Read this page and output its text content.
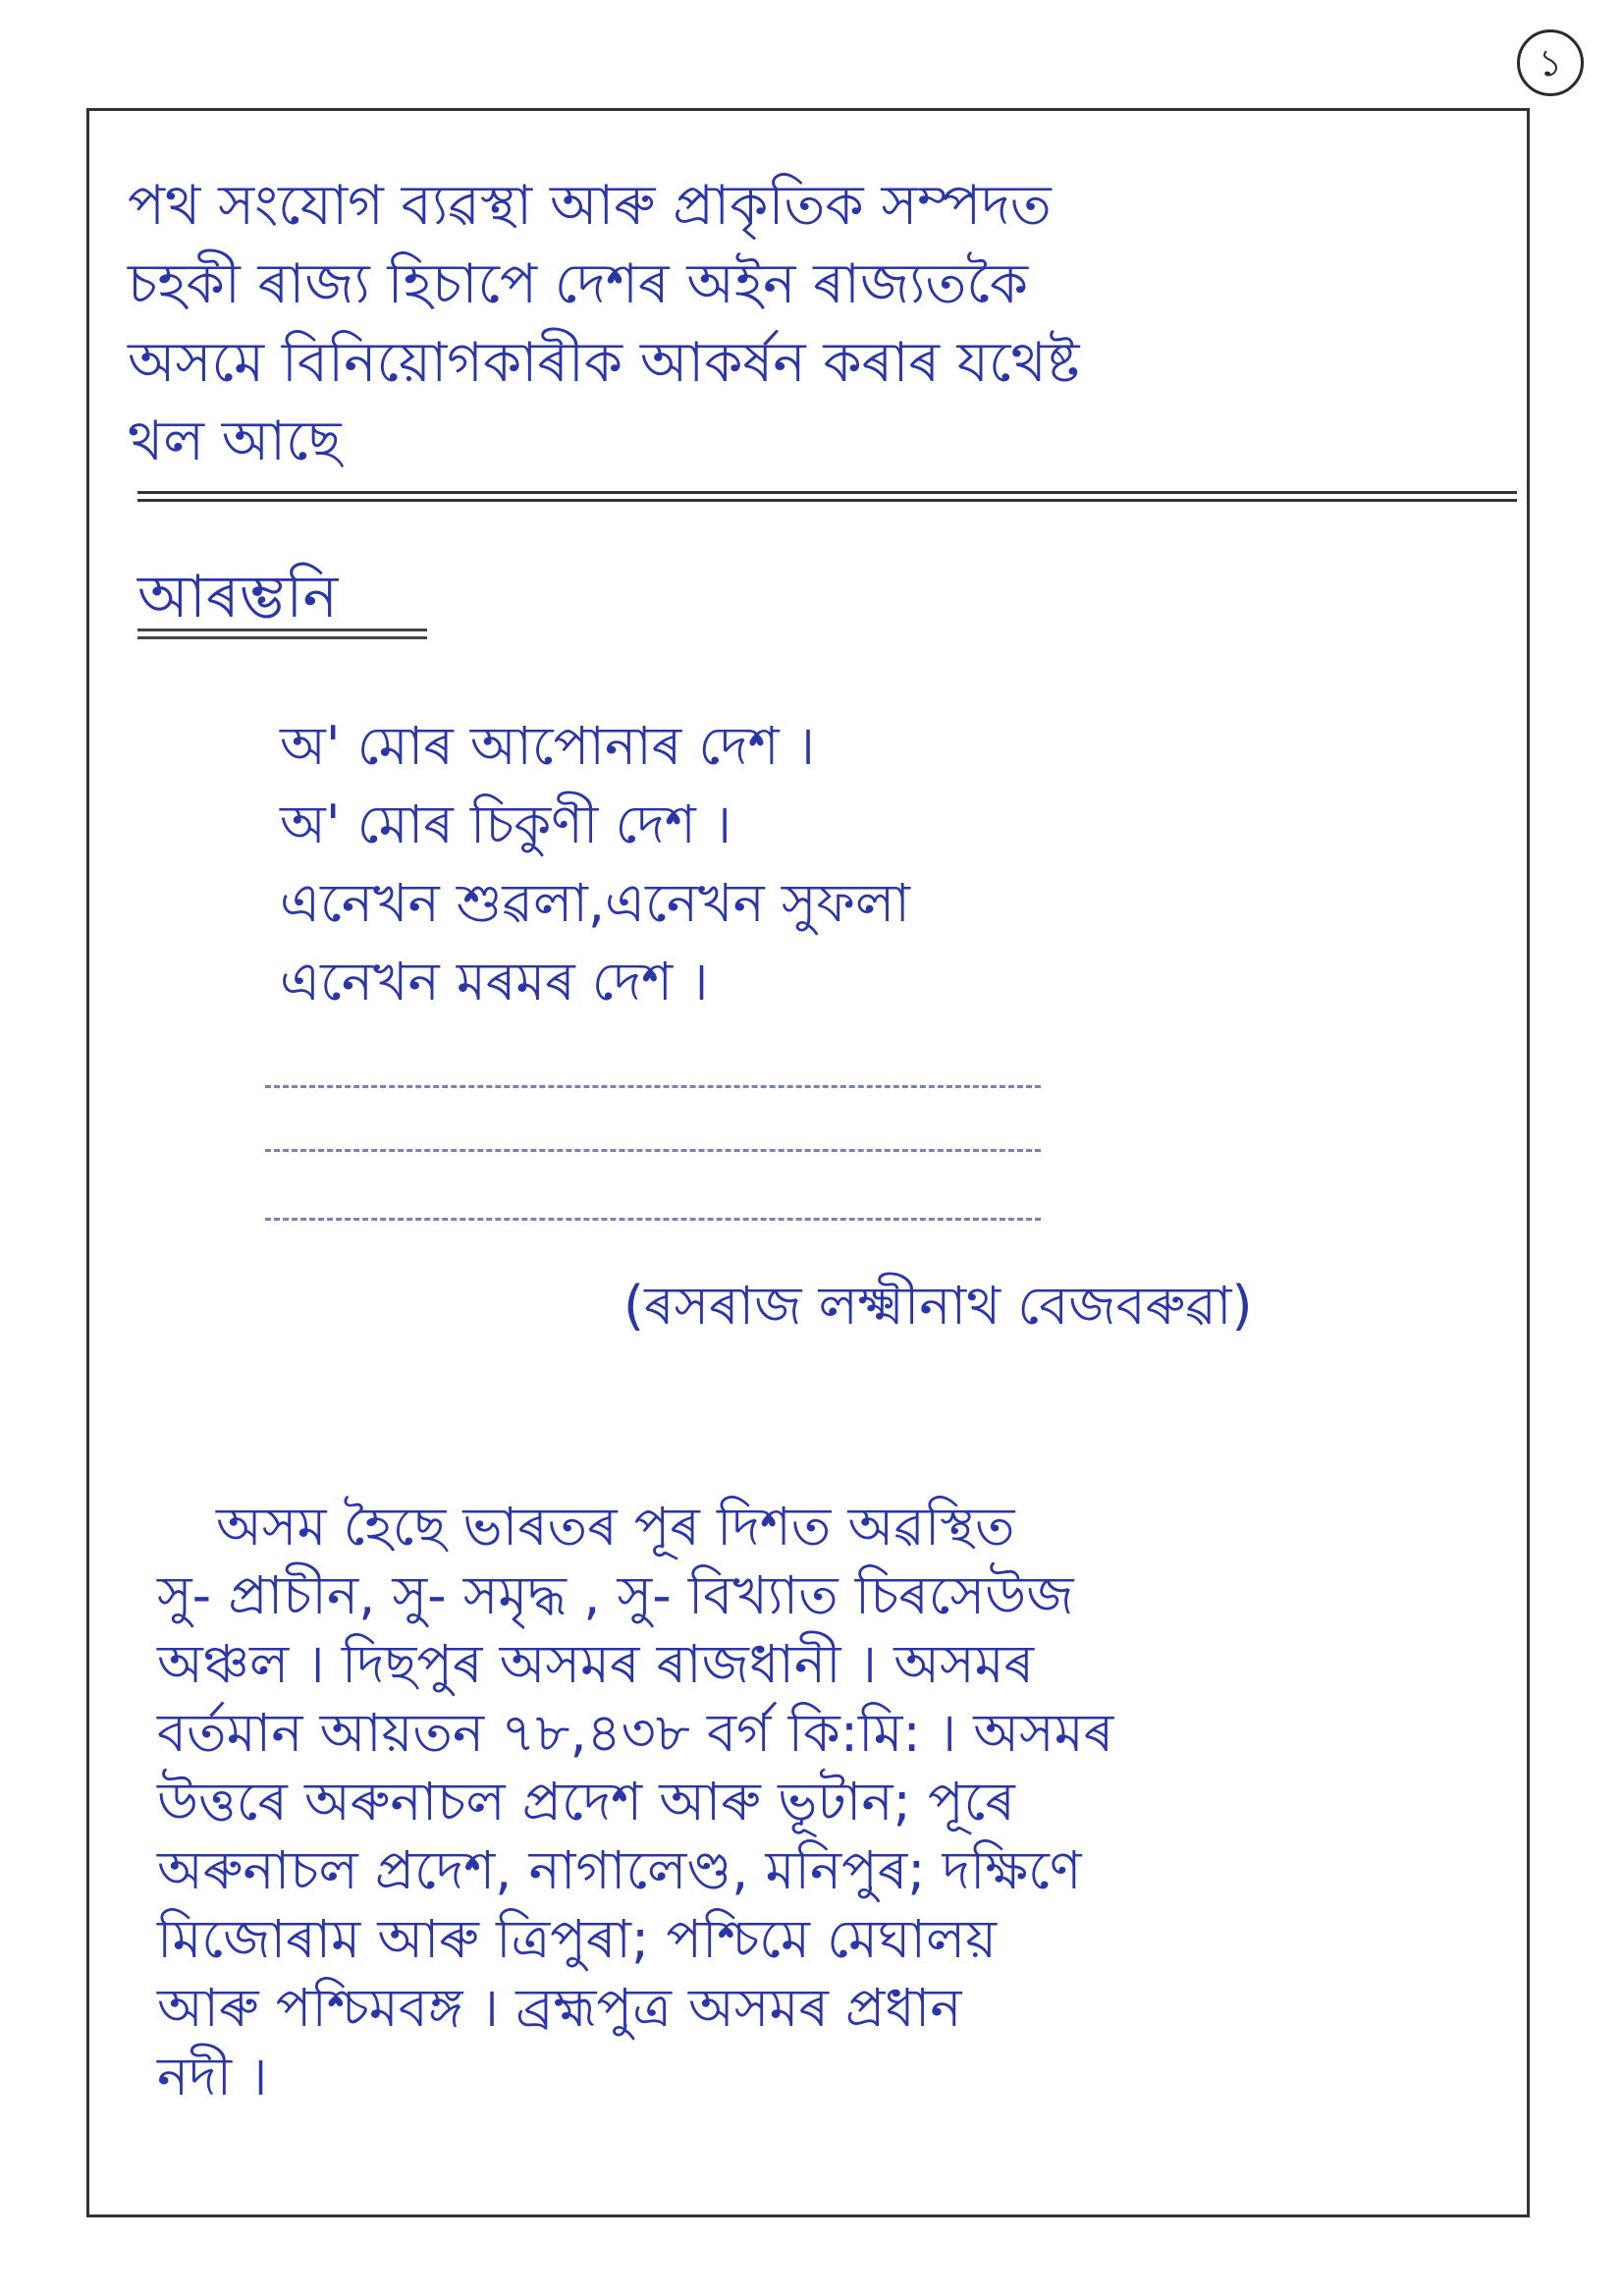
১
পথ সংযোগ ব্যৱস্থা আৰু প্ৰাকৃতিক সম্পদত
চহকী ৰাজ্য হিচাপে দেশৰ অইন ৰাজ্যতকৈ
অসমে বিনিয়োগকাৰীক আকৰ্ষন কৰাৰ যথেষ্ট
থল আছে
আৰম্ভনি
অ' মোৰ আপোনাৰ দেশ ।
অ' মোৰ চিকুণী দেশ ।
এনেখন শুৱলা,এনেখন সুফলা
এনেখন মৰমৰ দেশ ।
(ৰসৰাজ লক্ষ্মীনাথ বেজবৰুৱা)
অসম হৈছে ভাৰতৰ পূৰ দিশত অৱস্থিত
সু- প্ৰাচীন, সু- সমৃদ্ধ , সু- বিখ্যাত চিৰসেউজ
অঞ্চল । দিছপুৰ অসমৰ ৰাজধানী । অসমৰ
বৰ্তমান আয়তন ৭৮,৪৩৮ বৰ্গ কি:মি: । অসমৰ
উত্তৰে অৰুনাচল প্ৰদেশ আৰু ভূটান; পূৰে
অৰুনাচল প্ৰদেশ, নাগালেণ্ড, মনিপুৰ; দক্ষিণে
মিজোৰাম আৰু ত্ৰিপুৰা; পশ্চিমে মেঘালয়
আৰু পশ্চিমবঙ্গ । ব্ৰহ্মপুত্ৰ অসমৰ প্ৰধান
নদী ।
